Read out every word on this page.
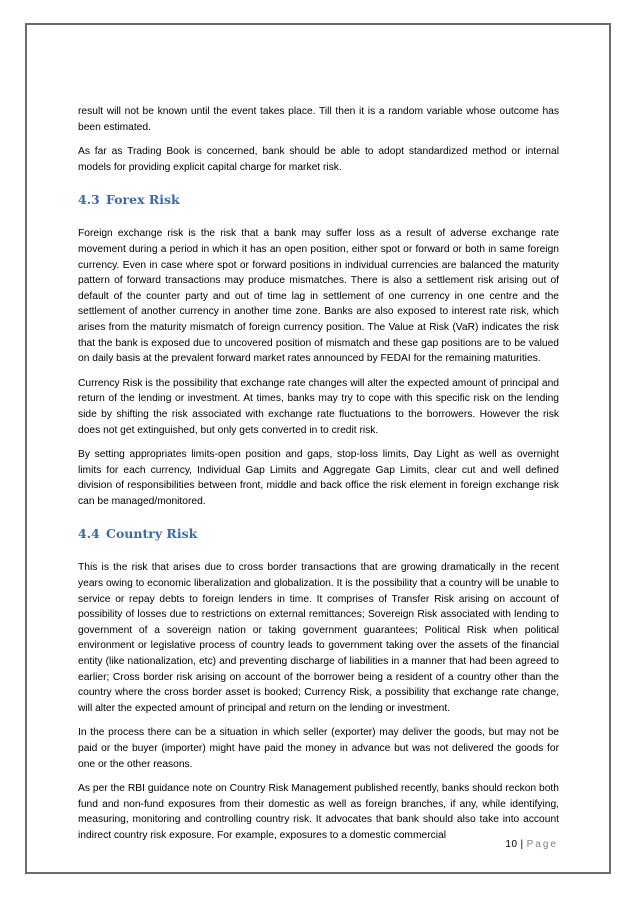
result will not be known until the event takes place. Till then it is a random variable whose outcome has been estimated.

As far as Trading Book is concerned, bank should be able to adopt standardized method or internal models for providing explicit capital charge for market risk.

4.3 Forex Risk

Foreign exchange risk is the risk that a bank may suffer loss as a result of adverse exchange rate movement during a period in which it has an open position, either spot or forward or both in same foreign currency. Even in case where spot or forward positions in individual currencies are balanced the maturity pattern of forward transactions may produce mismatches. There is also a settlement risk arising out of default of the counter party and out of time lag in settlement of one currency in one centre and the settlement of another currency in another time zone. Banks are also exposed to interest rate risk, which arises from the maturity mismatch of foreign currency position. The Value at Risk (VaR) indicates the risk that the bank is exposed due to uncovered position of mismatch and these gap positions are to be valued on daily basis at the prevalent forward market rates announced by FEDAI for the remaining maturities.

Currency Risk is the possibility that exchange rate changes will alter the expected amount of principal and return of the lending or investment. At times, banks may try to cope with this specific risk on the lending side by shifting the risk associated with exchange rate fluctuations to the borrowers. However the risk does not get extinguished, but only gets converted in to credit risk.

By setting appropriates limits-open position and gaps, stop-loss limits, Day Light as well as overnight limits for each currency, Individual Gap Limits and Aggregate Gap Limits, clear cut and well defined division of responsibilities between front, middle and back office the risk element in foreign exchange risk can be managed/monitored.

4.4 Country Risk

This is the risk that arises due to cross border transactions that are growing dramatically in the recent years owing to economic liberalization and globalization. It is the possibility that a country will be unable to service or repay debts to foreign lenders in time. It comprises of Transfer Risk arising on account of possibility of losses due to restrictions on external remittances; Sovereign Risk associated with lending to government of a sovereign nation or taking government guarantees; Political Risk when political environment or legislative process of country leads to government taking over the assets of the financial entity (like nationalization, etc) and preventing discharge of liabilities in a manner that had been agreed to earlier; Cross border risk arising on account of the borrower being a resident of a country other than the country where the cross border asset is booked; Currency Risk, a possibility that exchange rate change, will alter the expected amount of principal and return on the lending or investment.

In the process there can be a situation in which seller (exporter) may deliver the goods, but may not be paid or the buyer (importer) might have paid the money in advance but was not delivered the goods for one or the other reasons.

As per the RBI guidance note on Country Risk Management published recently, banks should reckon both fund and non-fund exposures from their domestic as well as foreign branches, if any, while identifying, measuring, monitoring and controlling country risk. It advocates that bank should also take into account indirect country risk exposure. For example, exposures to a domestic commercial

10 | Page
